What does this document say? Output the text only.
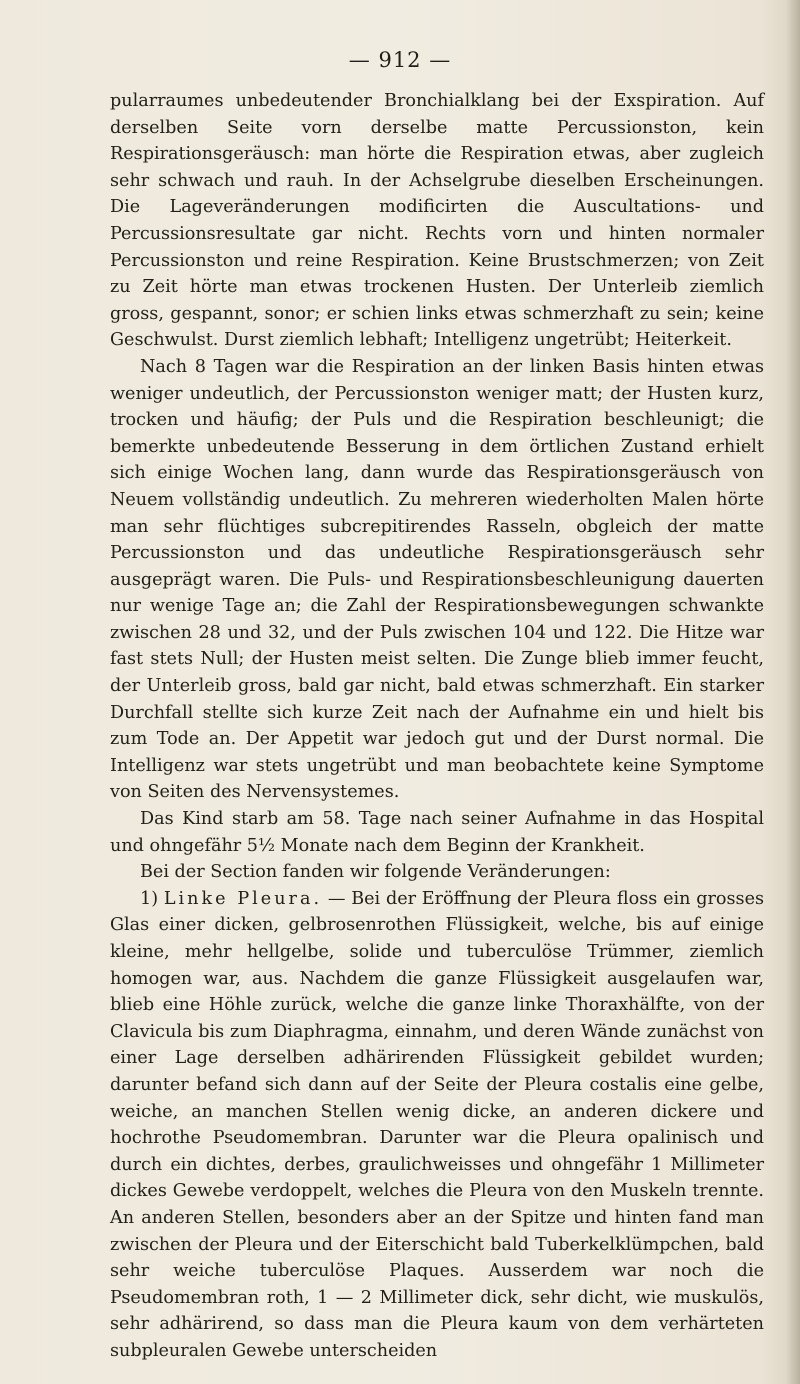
— 912 —

pularraumes unbedeutender Bronchialklang bei der Exspiration. Auf derselben Seite vorn derselbe matte Percussionston, kein Respirationsgeräusch: man hörte die Respiration etwas, aber zugleich sehr schwach und rauh. In der Achselgrube dieselben Erscheinungen. Die Lageveränderungen modificirten die Auscultations- und Percussionsresultate gar nicht. Rechts vorn und hinten normaler Percussionston und reine Respiration. Keine Brustschmerzen; von Zeit zu Zeit hörte man etwas trockenen Husten. Der Unterleib ziemlich gross, gespannt, sonor; er schien links etwas schmerzhaft zu sein; keine Geschwulst. Durst ziemlich lebhaft; Intelligenz ungetrübt; Heiterkeit.

Nach 8 Tagen war die Respiration an der linken Basis hinten etwas weniger undeutlich, der Percussionston weniger matt; der Husten kurz, trocken und häufig; der Puls und die Respiration beschleunigt; die bemerkte unbedeutende Besserung in dem örtlichen Zustand erhielt sich einige Wochen lang, dann wurde das Respirationsgeräusch von Neuem vollständig undeutlich. Zu mehreren wiederholten Malen hörte man sehr flüchtiges subcrepitirendes Rasseln, obgleich der matte Percussionston und das undeutliche Respirationsgeräusch sehr ausgeprägt waren. Die Puls- und Respirationsbeschleunigung dauerten nur wenige Tage an; die Zahl der Respirationsbewegungen schwankte zwischen 28 und 32, und der Puls zwischen 104 und 122. Die Hitze war fast stets Null; der Husten meist selten. Die Zunge blieb immer feucht, der Unterleib gross, bald gar nicht, bald etwas schmerzhaft. Ein starker Durchfall stellte sich kurze Zeit nach der Aufnahme ein und hielt bis zum Tode an. Der Appetit war jedoch gut und der Durst normal. Die Intelligenz war stets ungetrübt und man beobachtete keine Symptome von Seiten des Nervensystemes.

Das Kind starb am 58. Tage nach seiner Aufnahme in das Hospital und ohngefähr 5½ Monate nach dem Beginn der Krankheit.

Bei der Section fanden wir folgende Veränderungen:

1) Linke Pleura. — Bei der Eröffnung der Pleura floss ein grosses Glas einer dicken, gelbrosenrothen Flüssigkeit, welche, bis auf einige kleine, mehr hellgelbe, solide und tuberculöse Trümmer, ziemlich homogen war, aus. Nachdem die ganze Flüssigkeit ausgelaufen war, blieb eine Höhle zurück, welche die ganze linke Thoraxhälfte, von der Clavicula bis zum Diaphragma, einnahm, und deren Wände zunächst von einer Lage derselben adhärirenden Flüssigkeit gebildet wurden; darunter befand sich dann auf der Seite der Pleura costalis eine gelbe, weiche, an manchen Stellen wenig dicke, an anderen dickere und hochrothe Pseudomembran. Darunter war die Pleura opalinisch und durch ein dichtes, derbes, graulichweisses und ohngefähr 1 Millimeter dickes Gewebe verdoppelt, welches die Pleura von den Muskeln trennte. An anderen Stellen, besonders aber an der Spitze und hinten fand man zwischen der Pleura und der Eiterschicht bald Tuberkelklümpchen, bald sehr weiche tuberculöse Plaques. Ausserdem war noch die Pseudomembran roth, 1 — 2 Millimeter dick, sehr dicht, wie muskulös, sehr adhärirend, so dass man die Pleura kaum von dem verhärteten subpleuralen Gewebe unterscheiden
